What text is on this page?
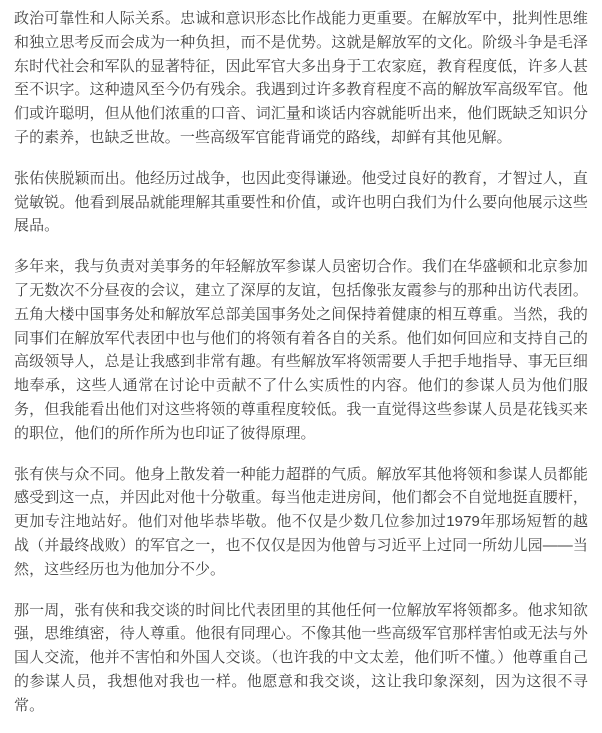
政治可靠性和人际关系。忠诚和意识形态比作战能力更重要。在解放军中，批判性思维和独立思考反而会成为一种负担，而不是优势。这就是解放军的文化。阶级斗争是毛泽东时代社会和军队的显著特征，因此军官大多出身于工农家庭，教育程度低，许多人甚至不识字。这种遗风至今仍有残余。我遇到过许多教育程度不高的解放军高级军官。他们或许聪明，但从他们浓重的口音、词汇量和谈话内容就能听出来，他们既缺乏知识分子的素养，也缺乏世故。一些高级军官能背诵党的路线，却鲜有其他见解。

张佑侠脱颖而出。他经历过战争，也因此变得谦逊。他受过良好的教育，才智过人，直觉敏锐。他看到展品就能理解其重要性和价值，或许也明白我们为什么要向他展示这些展品。

多年来，我与负责对美事务的年轻解放军参谋人员密切合作。我们在华盛顿和北京参加了无数次不分昼夜的会议，建立了深厚的友谊，包括像张友霞参与的那种出访代表团。五角大楼中国事务处和解放军总部美国事务处之间保持着健康的相互尊重。当然，我的同事们在解放军代表团中也与他们的将领有着各自的关系。他们如何回应和支持自己的高级领导人，总是让我感到非常有趣。有些解放军将领需要人手把手地指导、事无巨细地奉承，这些人通常在讨论中贡献不了什么实质性的内容。他们的参谋人员为他们服务，但我能看出他们对这些将领的尊重程度较低。我一直觉得这些参谋人员是花钱买来的职位，他们的所作所为也印证了彼得原理。

张有侠与众不同。他身上散发着一种能力超群的气质。解放军其他将领和参谋人员都能感受到这一点，并因此对他十分敬重。每当他走进房间，他们都会不自觉地挺直腰杆，更加专注地站好。他们对他毕恭毕敬。他不仅是少数几位参加过1979年那场短暂的越战（并最终战败）的军官之一，也不仅仅是因为他曾与习近平上过同一所幼儿园——当然，这些经历也为他加分不少。

那一周，张有侠和我交谈的时间比代表团里的其他任何一位解放军将领都多。他求知欲强，思维缜密，待人尊重。他很有同理心。不像其他一些高级军官那样害怕或无法与外国人交流，他并不害怕和外国人交谈。（也许我的中文太差，他们听不懂。）他尊重自己的参谋人员，我想他对我也一样。他愿意和我交谈，这让我印象深刻，因为这很不寻常。
